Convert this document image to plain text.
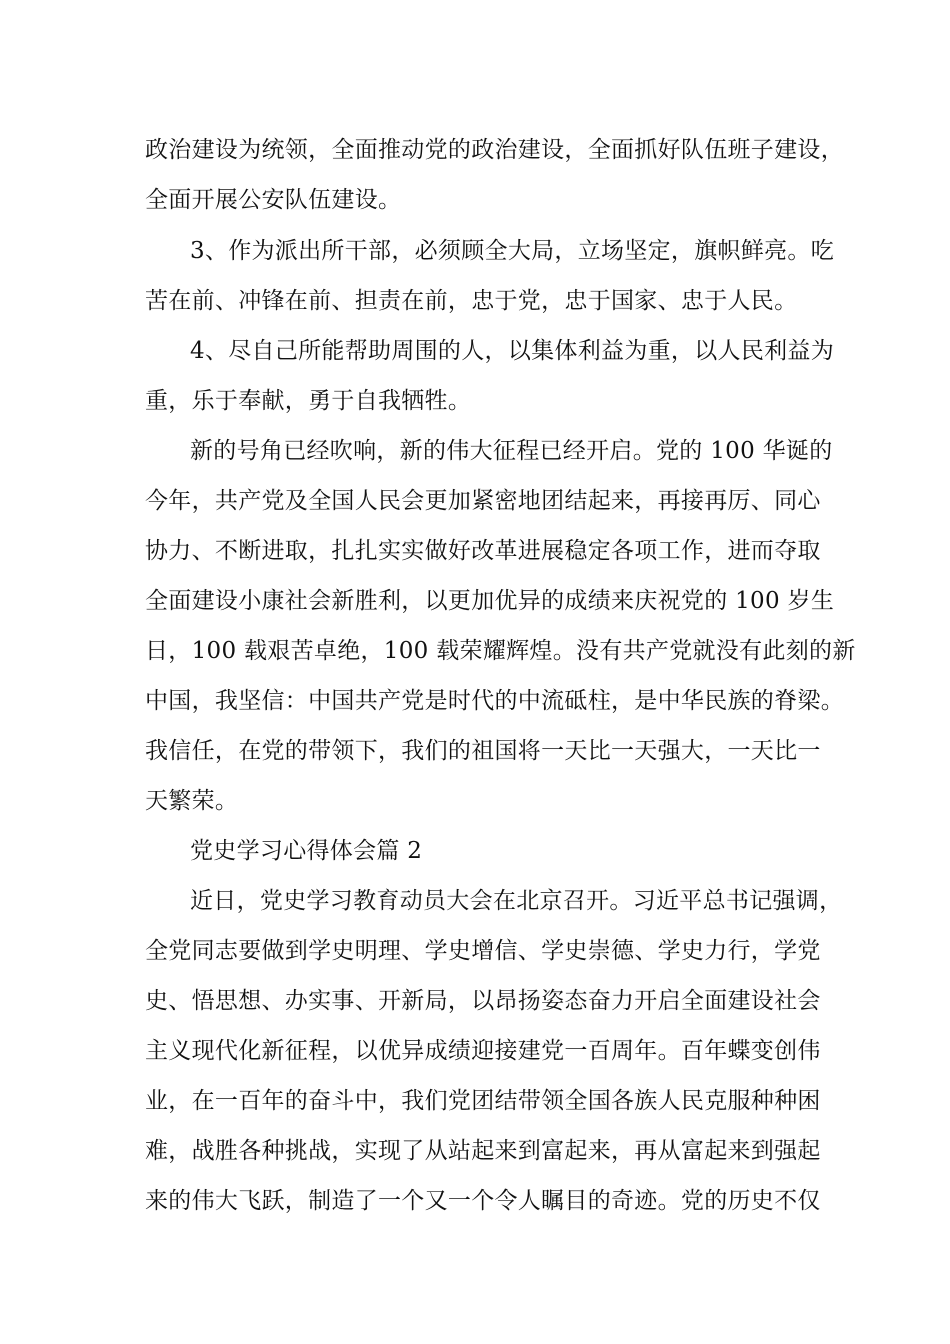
政治建设为统领，全面推动党的政治建设，全面抓好队伍班子建设，
全面开展公安队伍建设。
3、作为派出所干部，必须顾全大局，立场坚定，旗帜鲜亮。吃
苦在前、冲锋在前、担责在前，忠于党，忠于国家、忠于人民。
4、尽自己所能帮助周围的人，以集体利益为重，以人民利益为
重，乐于奉献，勇于自我牺牲。
新的号角已经吹响，新的伟大征程已经开启。党的 100 华诞的
今年，共产党及全国人民会更加紧密地团结起来，再接再厉、同心
协力、不断进取，扎扎实实做好改革进展稳定各项工作，进而夺取
全面建设小康社会新胜利，以更加优异的成绩来庆祝党的 100 岁生
日，100 载艰苦卓绝，100 载荣耀辉煌。没有共产党就没有此刻的新
中国，我坚信：中国共产党是时代的中流砥柱，是中华民族的脊梁。
我信任，在党的带领下，我们的祖国将一天比一天强大，一天比一
天繁荣。
党史学习心得体会篇 2
近日，党史学习教育动员大会在北京召开。习近平总书记强调，
全党同志要做到学史明理、学史增信、学史崇德、学史力行，学党
史、悟思想、办实事、开新局，以昂扬姿态奋力开启全面建设社会
主义现代化新征程，以优异成绩迎接建党一百周年。百年蝶变创伟
业，在一百年的奋斗中，我们党团结带领全国各族人民克服种种困
难，战胜各种挑战，实现了从站起来到富起来，再从富起来到强起
来的伟大飞跃，制造了一个又一个令人瞩目的奇迹。党的历史不仅
